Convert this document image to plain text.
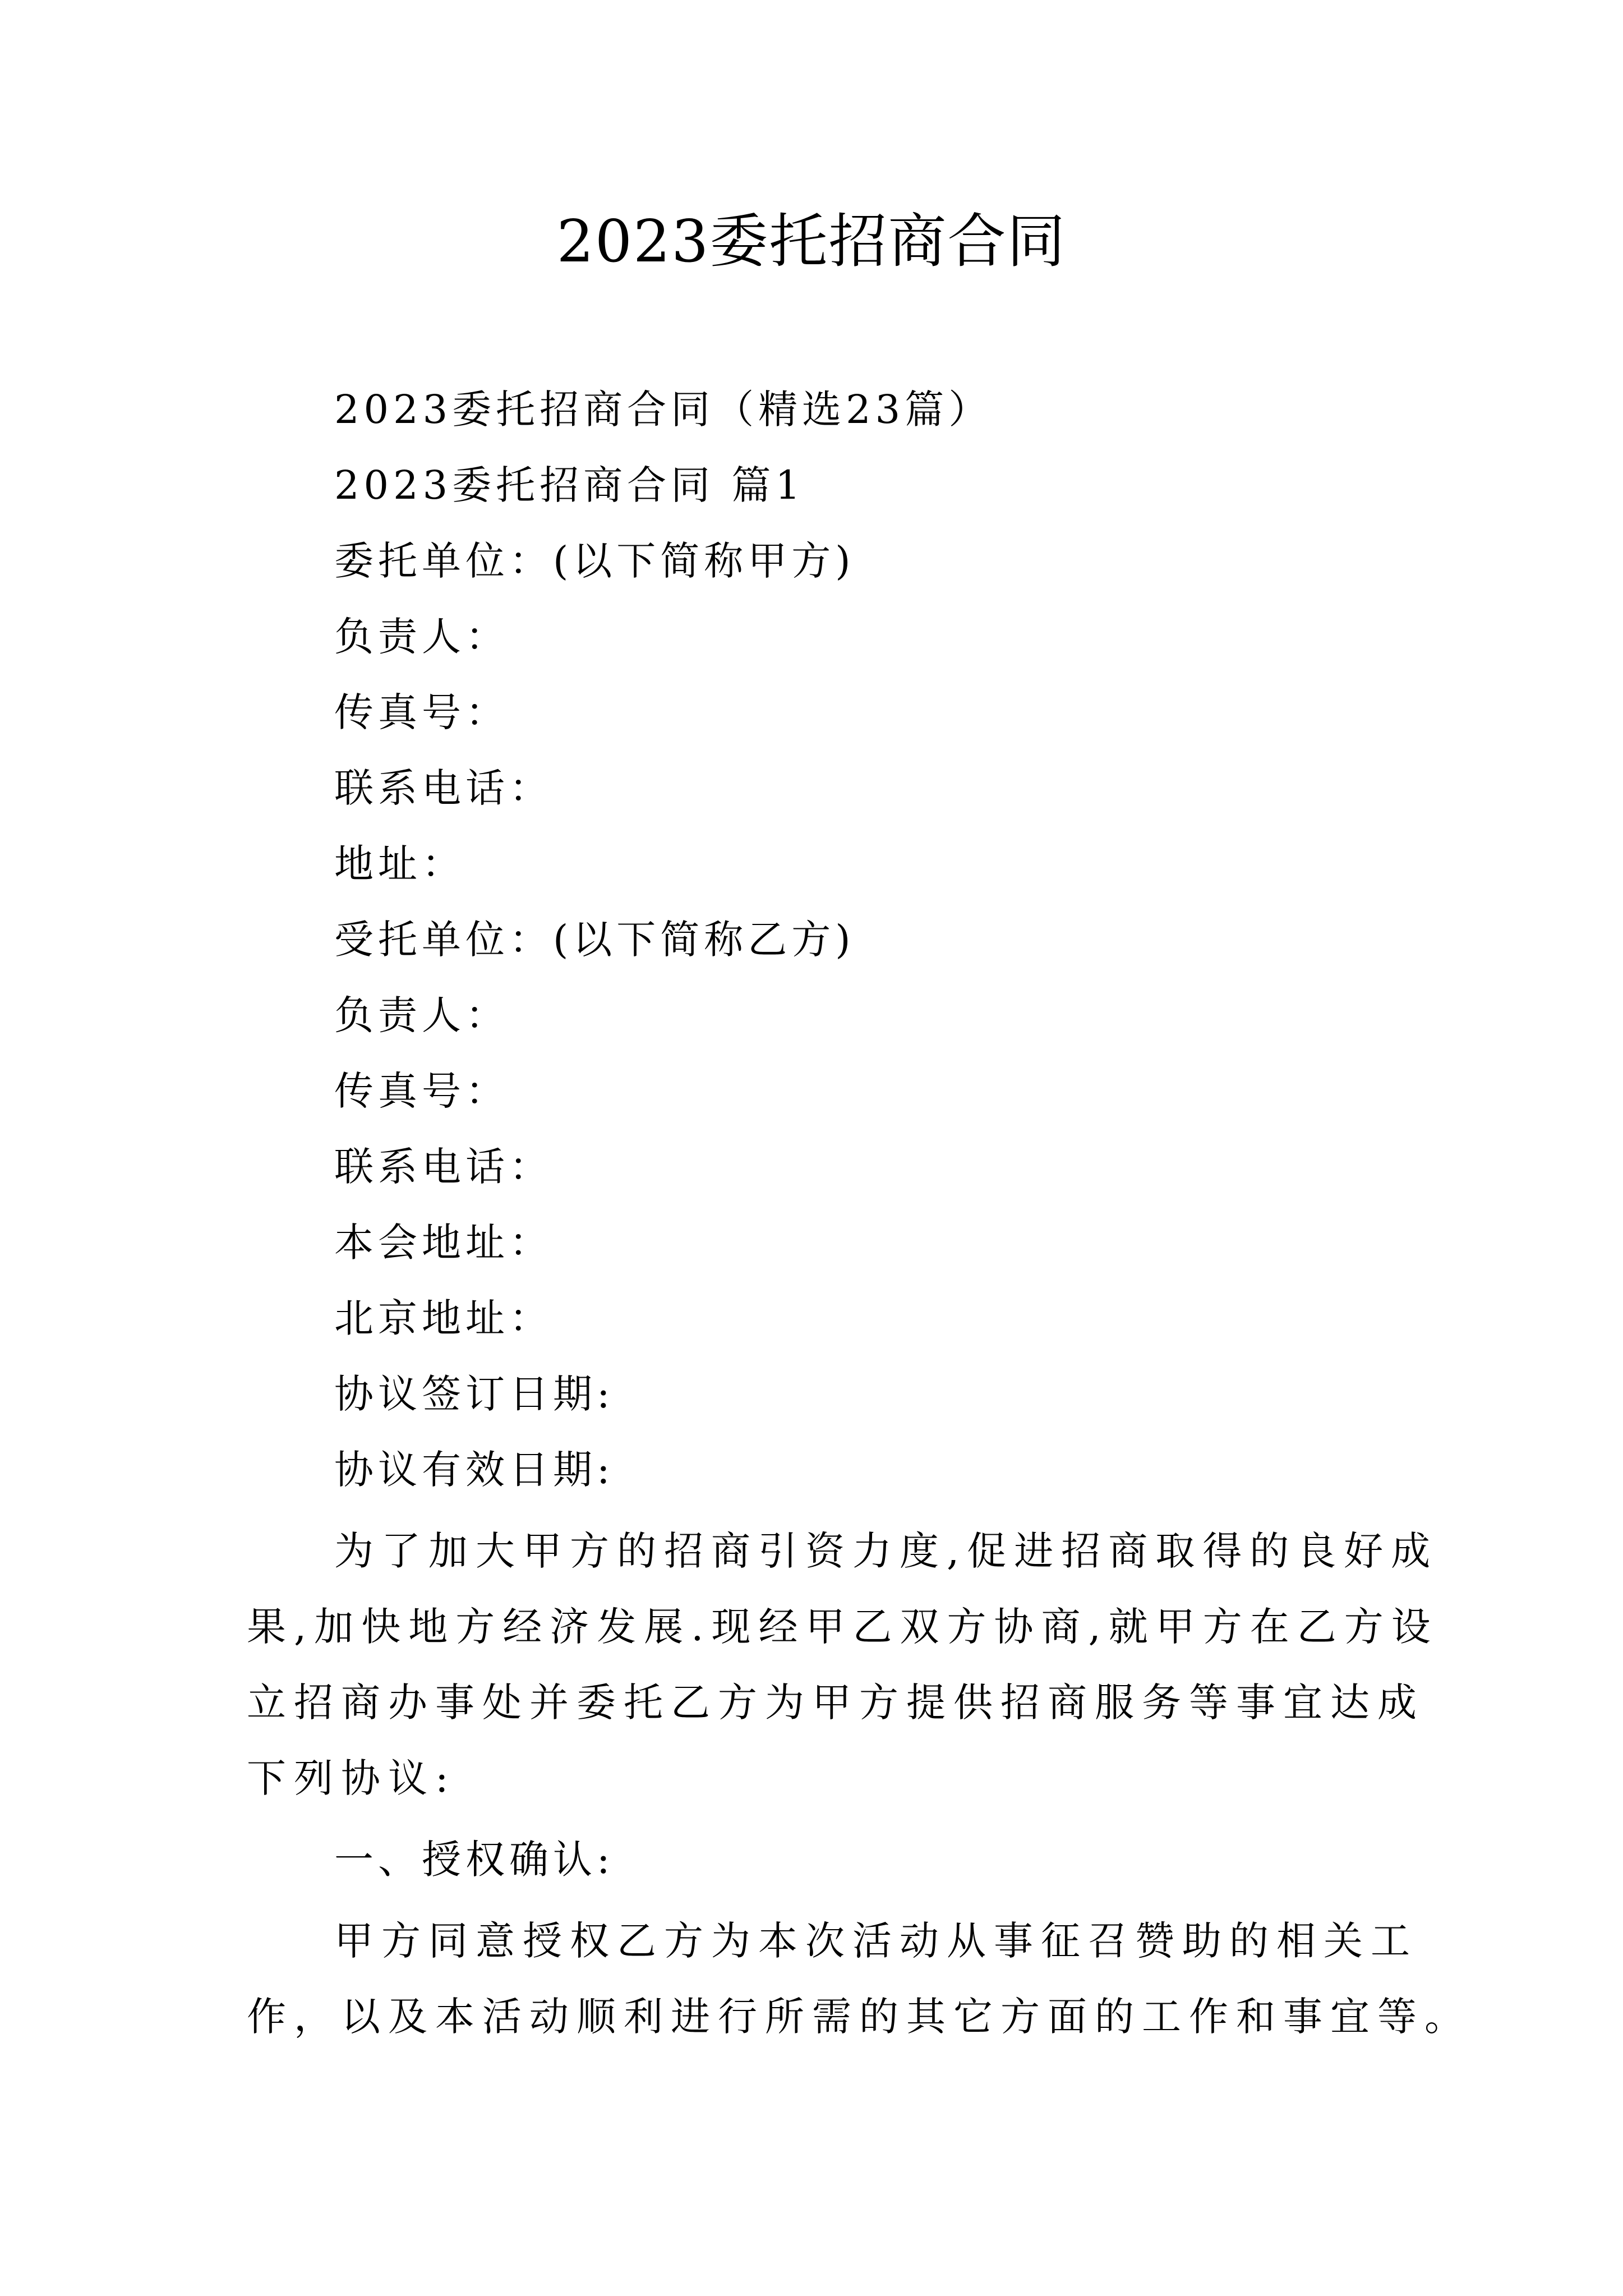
2023委托招商合同
2023委托招商合同（精选23篇）
2023委托招商合同 篇1
委托单位：(以下简称甲方)
负责人：
传真号：
联系电话：
地址：
受托单位：(以下简称乙方)
负责人：
传真号：
联系电话：
本会地址：
北京地址：
协议签订日期:
协议有效日期:
为了加大甲方的招商引资力度,促进招商取得的良好成
果,加快地方经济发展.现经甲乙双方协商,就甲方在乙方设
立招商办事处并委托乙方为甲方提供招商服务等事宜达成
下列协议:
一、授权确认:
甲方同意授权乙方为本次活动从事征召赞助的相关工
作，以及本活动顺利进行所需的其它方面的工作和事宜等。
